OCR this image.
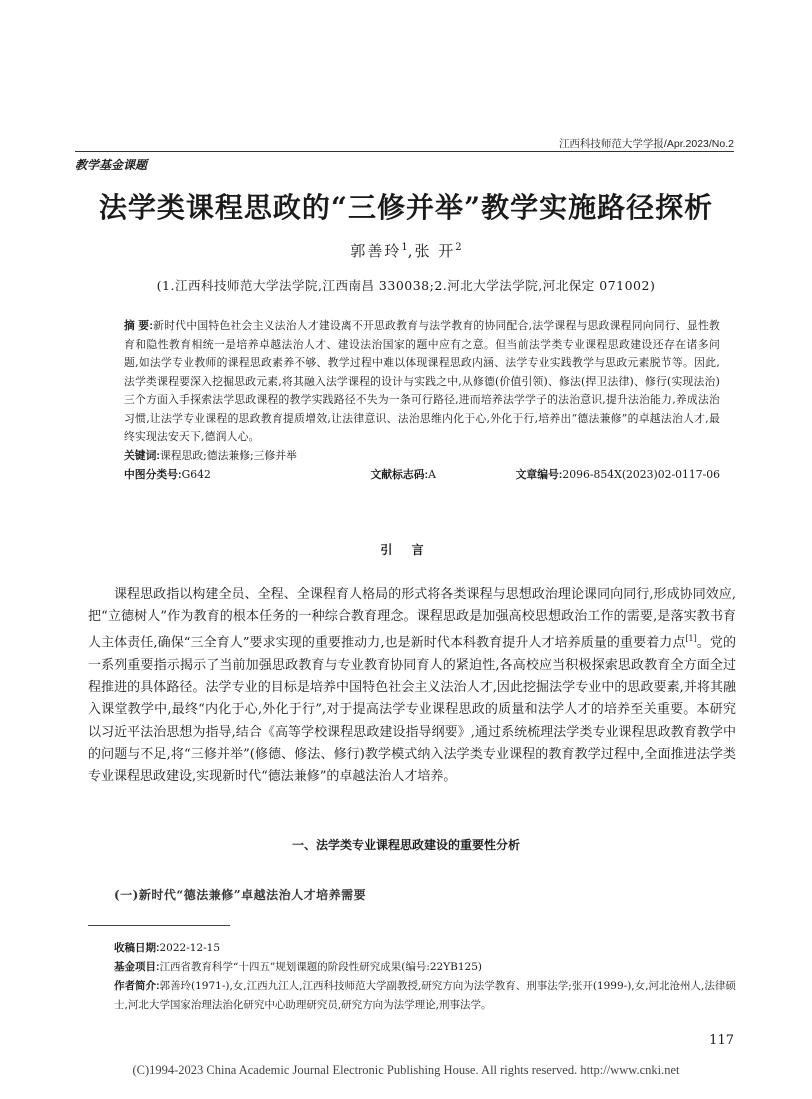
江西科技师范大学学报/Apr.2023/No.2
教学基金课题
法学类课程思政的“三修并举”教学实施路径探析
郭善玲$^1$,张 开$^2$
(1.江西科技师范大学法学院,江西南昌 330038;2.河北大学法学院,河北保定 071002)
摘 要:新时代中国特色社会主义法治人才建设离不开思政教育与法学教育的协同配合,法学课程与思政课程同向同行、显性教育和隐性教育相统一是培养卓越法治人才、建设法治国家的题中应有之意。但当前法学类专业课程思政建设还存在诸多问题,如法学专业教师的课程思政素养不够、教学过程中难以体现课程思政内涵、法学专业实践教学与思政元素脱节等。因此,法学类课程要深入挖掘思政元素,将其融入法学课程的设计与实践之中,从修德(价值引领)、修法(捍卫法律)、修行(实现法治)三个方面入手探索法学思政课程的教学实践路径不失为一条可行路径,进而培养法学学子的法治意识,提升法治能力,养成法治习惯,让法学专业课程的思政教育提质增效,让法律意识、法治思维内化于心,外化于行,培养出“德法兼修”的卓越法治人才,最终实现法安天下,德润人心。
关键词:课程思政;德法兼修;三修并举
中图分类号:G642	文献标志码:A	文章编号:2096-854X(2023)02-0117-06
引 言
课程思政指以构建全员、全程、全课程育人格局的形式将各类课程与思想政治理论课同向同行,形成协同效应,把“立德树人”作为教育的根本任务的一种综合教育理念。课程思政是加强高校思想政治工作的需要,是落实教书育人主体责任,确保“三全育人”要求实现的重要推动力,也是新时代本科教育提升人才培养质量的重要着力点[1]。党的一系列重要指示揭示了当前加强思政教育与专业教育协同育人的紧迫性,各高校应当积极探索思政教育全方面全过程推进的具体路径。法学专业的目标是培养中国特色社会主义法治人才,因此挖掘法学专业中的思政要素,并将其融入课堂教学中,最终“内化于心,外化于行”,对于提高法学专业课程思政的质量和法学人才的培养至关重要。本研究以习近平法治思想为指导,结合《高等学校课程思政建设指导纲要》,通过系统梳理法学类专业课程思政教育教学中的问题与不足,将“三修并举”(修德、修法、修行)教学模式纳入法学类专业课程的教育教学过程中,全面推进法学类专业课程思政建设,实现新时代“德法兼修”的卓越法治人才培养。
一、法学类专业课程思政建设的重要性分析
(一)新时代“德法兼修”卓越法治人才培养需要
收稿日期:2022-12-15
基金项目:江西省教育科学“十四五”规划课题的阶段性研究成果(编号:22YB125)
作者简介:郭善玲(1971-),女,江西九江人,江西科技师范大学副教授,研究方向为法学教育、刑事法学;张开(1999-),女,河北沧州人,法律硕士,河北大学国家治理法治化研究中心助理研究员,研究方向为法学理论,刑事法学。
117
(C)1994-2023 China Academic Journal Electronic Publishing House. All rights reserved. http://www.cnki.net
